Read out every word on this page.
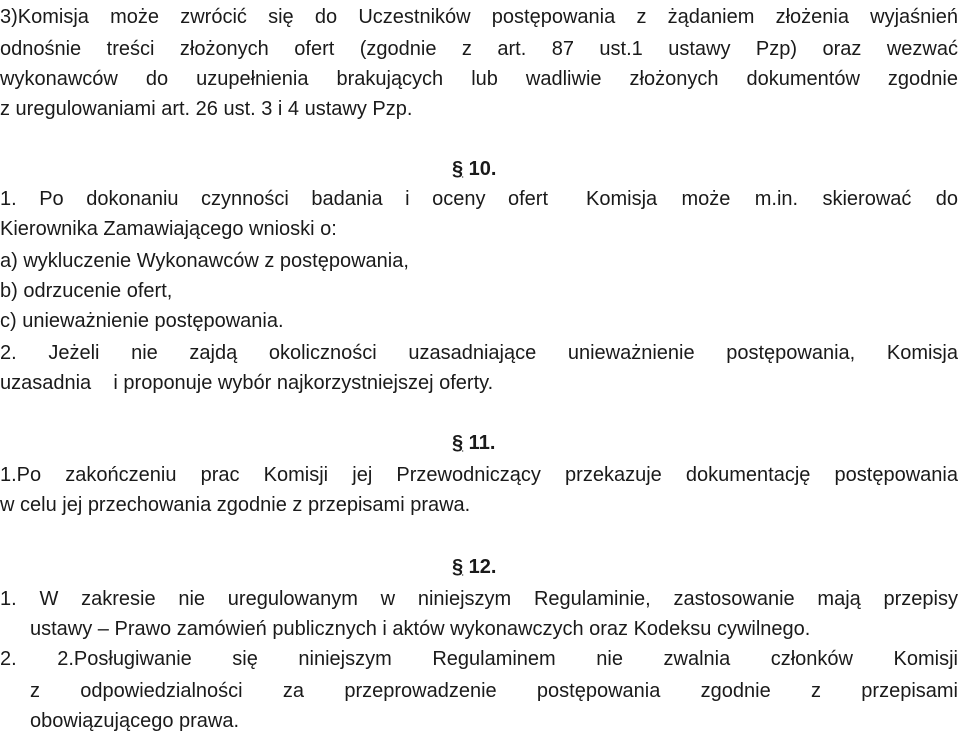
3)Komisja może zwrócić się do Uczestników postępowania z żądaniem złożenia wyjaśnień
odnośnie treści złożonych ofert (zgodnie z art. 87 ust.1 ustawy Pzp) oraz wezwać
wykonawców do uzupełnienia brakujących lub wadliwie złożonych dokumentów zgodnie
z uregulowaniami art. 26 ust. 3 i 4 ustawy Pzp.
§ 10.
1. Po dokonaniu czynności badania i oceny ofert Komisja może m.in. skierować do
Kierownika Zamawiającego wnioski o:
a) wykluczenie Wykonawców z postępowania,
b) odrzucenie ofert,
c) unieważnienie postępowania.
2. Jeżeli nie zajdą okoliczności uzasadniające unieważnienie postępowania, Komisja
uzasadnia    i proponuje wybór najkorzystniejszej oferty.
§ 11.
1.Po zakończeniu prac Komisji jej Przewodniczący przekazuje dokumentację postępowania
w celu jej przechowania zgodnie z przepisami prawa.
§ 12.
1. W zakresie nie uregulowanym w niniejszym Regulaminie, zastosowanie mają przepisy
ustawy – Prawo zamówień publicznych i aktów wykonawczych oraz Kodeksu cywilnego.
2. 2.Posługiwanie się niniejszym Regulaminem nie zwalnia członków Komisji
z odpowiedzialności za przeprowadzenie postępowania zgodnie z przepisami
obowiązującego prawa.
